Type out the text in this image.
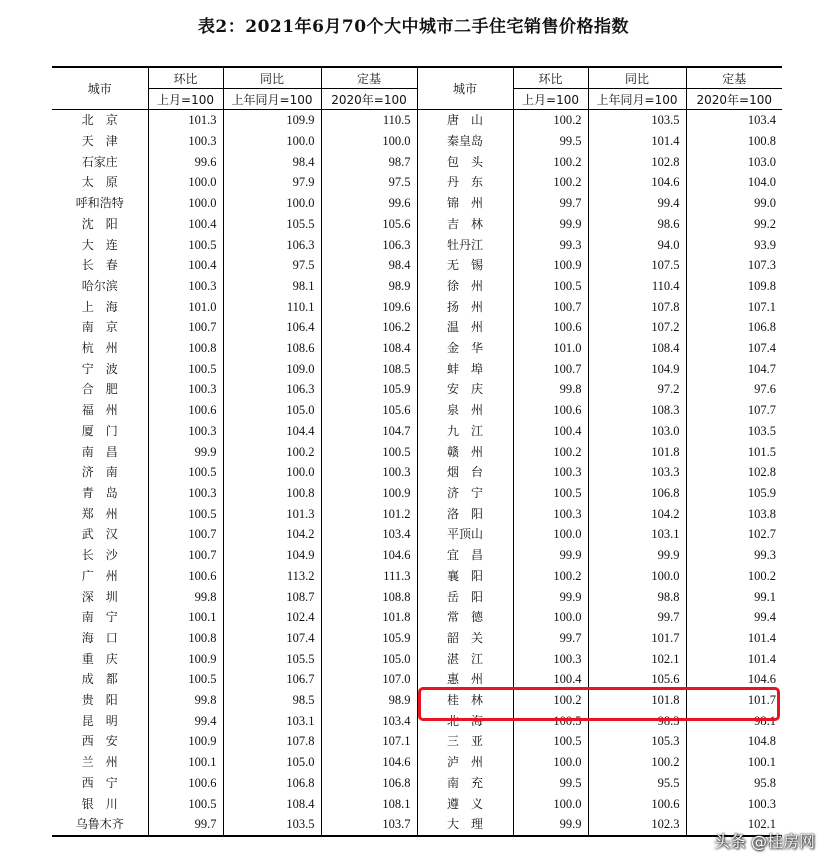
表2：2021年6月70个大中城市二手住宅销售价格指数
城市	环比	同比	定基	城市	环比	同比	定基
	上月=100	上年同月=100	2020年=100		上月=100	上年同月=100	2020年=100
北　京	101.3	109.9	110.5	唐　山	100.2	103.5	103.4
天　津	100.3	100.0	100.0	秦皇岛	99.5	101.4	100.8
石家庄	99.6	98.4	98.7	包　头	100.2	102.8	103.0
太　原	100.0	97.9	97.5	丹　东	100.2	104.6	104.0
呼和浩特	100.0	100.0	99.6	锦　州	99.7	99.4	99.0
沈　阳	100.4	105.5	105.6	吉　林	99.9	98.6	99.2
大　连	100.5	106.3	106.3	牡丹江	99.3	94.0	93.9
长　春	100.4	97.5	98.4	无　锡	100.9	107.5	107.3
哈尔滨	100.3	98.1	98.9	徐　州	100.5	110.4	109.8
上　海	101.0	110.1	109.6	扬　州	100.7	107.8	107.1
南　京	100.7	106.4	106.2	温　州	100.6	107.2	106.8
杭　州	100.8	108.6	108.4	金　华	101.0	108.4	107.4
宁　波	100.5	109.0	108.5	蚌　埠	100.7	104.9	104.7
合　肥	100.3	106.3	105.9	安　庆	99.8	97.2	97.6
福　州	100.6	105.0	105.6	泉　州	100.6	108.3	107.7
厦　门	100.3	104.4	104.7	九　江	100.4	103.0	103.5
南　昌	99.9	100.2	100.5	赣　州	100.2	101.8	101.5
济　南	100.5	100.0	100.3	烟　台	100.3	103.3	102.8
青　岛	100.3	100.8	100.9	济　宁	100.5	106.8	105.9
郑　州	100.5	101.3	101.2	洛　阳	100.3	104.2	103.8
武　汉	100.7	104.2	103.4	平顶山	100.0	103.1	102.7
长　沙	100.7	104.9	104.6	宜　昌	99.9	99.9	99.3
广　州	100.6	113.2	111.3	襄　阳	100.2	100.0	100.2
深　圳	99.8	108.7	108.8	岳　阳	99.9	98.8	99.1
南　宁	100.1	102.4	101.8	常　德	100.0	99.7	99.4
海　口	100.8	107.4	105.9	韶　关	99.7	101.7	101.4
重　庆	100.9	105.5	105.0	湛　江	100.3	102.1	101.4
成　都	100.5	106.7	107.0	惠　州	100.4	105.6	104.6
贵　阳	99.8	98.5	98.9	桂　林	100.2	101.8	101.7
昆　明	99.4	103.1	103.4	北　海	100.5	98.3	98.1
西　安	100.9	107.8	107.1	三　亚	100.5	105.3	104.8
兰　州	100.1	105.0	104.6	泸　州	100.0	100.2	100.1
西　宁	100.6	106.8	106.8	南　充	99.5	95.5	95.8
银　川	100.5	108.4	108.1	遵　义	100.0	100.6	100.3
乌鲁木齐	99.7	103.5	103.7	大　理	99.9	102.3	102.1
头条 @桂房网
